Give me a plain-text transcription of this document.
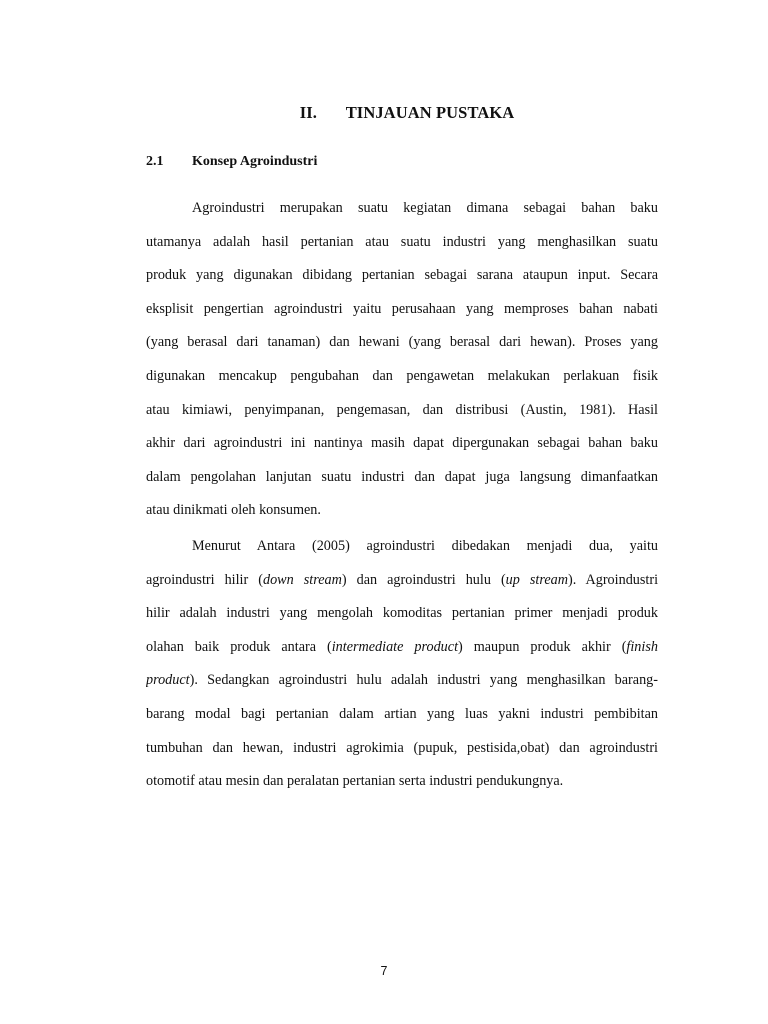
II. TINJAUAN PUSTAKA
2.1 Konsep Agroindustri
Agroindustri merupakan suatu kegiatan dimana sebagai bahan baku
utamanya adalah hasil pertanian atau suatu industri yang menghasilkan suatu
produk yang digunakan dibidang pertanian sebagai sarana ataupun input. Secara
eksplisit pengertian agroindustri yaitu perusahaan yang memproses bahan nabati
(yang berasal dari tanaman) dan hewani (yang berasal dari hewan). Proses yang
digunakan mencakup pengubahan dan pengawetan melakukan perlakuan fisik
atau kimiawi, penyimpanan, pengemasan, dan distribusi (Austin, 1981). Hasil
akhir dari agroindustri ini nantinya masih dapat dipergunakan sebagai bahan baku
dalam pengolahan lanjutan suatu industri dan dapat juga langsung dimanfaatkan
atau dinikmati oleh konsumen.
Menurut Antara (2005) agroindustri dibedakan menjadi dua, yaitu
agroindustri hilir (down stream) dan agroindustri hulu (up stream). Agroindustri
hilir adalah industri yang mengolah komoditas pertanian primer menjadi produk
olahan baik produk antara (intermediate product) maupun produk akhir (finish
product). Sedangkan agroindustri hulu adalah industri yang menghasilkan barang-
barang modal bagi pertanian dalam artian yang luas yakni industri pembibitan
tumbuhan dan hewan, industri agrokimia (pupuk, pestisida,obat) dan agroindustri
otomotif atau mesin dan peralatan pertanian serta industri pendukungnya.
7
